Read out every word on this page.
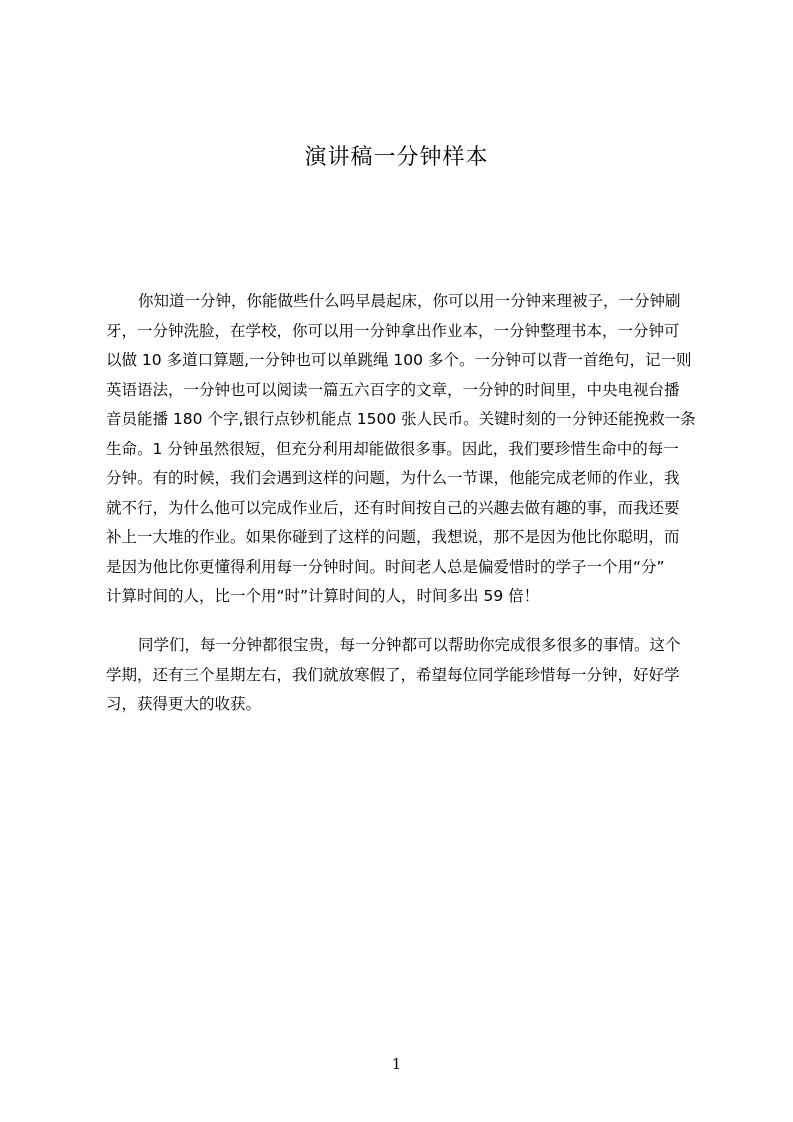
演讲稿一分钟样本
你知道一分钟，你能做些什么吗早晨起床，你可以用一分钟来理被子，一分钟刷
牙，一分钟洗脸，在学校，你可以用一分钟拿出作业本，一分钟整理书本，一分钟可
以做 10 多道口算题,一分钟也可以单跳绳 100 多个。一分钟可以背一首绝句，记一则
英语语法，一分钟也可以阅读一篇五六百字的文章，一分钟的时间里，中央电视台播
音员能播 180 个字,银行点钞机能点 1500 张人民币。关键时刻的一分钟还能挽救一条
生命。1 分钟虽然很短，但充分利用却能做很多事。因此，我们要珍惜生命中的每一
分钟。有的时候，我们会遇到这样的问题，为什么一节课，他能完成老师的作业，我
就不行，为什么他可以完成作业后，还有时间按自己的兴趣去做有趣的事，而我还要
补上一大堆的作业。如果你碰到了这样的问题，我想说，那不是因为他比你聪明，而
是因为他比你更懂得利用每一分钟时间。时间老人总是偏爱惜时的学子一个用“分”
计算时间的人，比一个用“时”计算时间的人，时间多出 59 倍！
同学们，每一分钟都很宝贵，每一分钟都可以帮助你完成很多很多的事情。这个
学期，还有三个星期左右，我们就放寒假了，希望每位同学能珍惜每一分钟，好好学
习，获得更大的收获。
1
